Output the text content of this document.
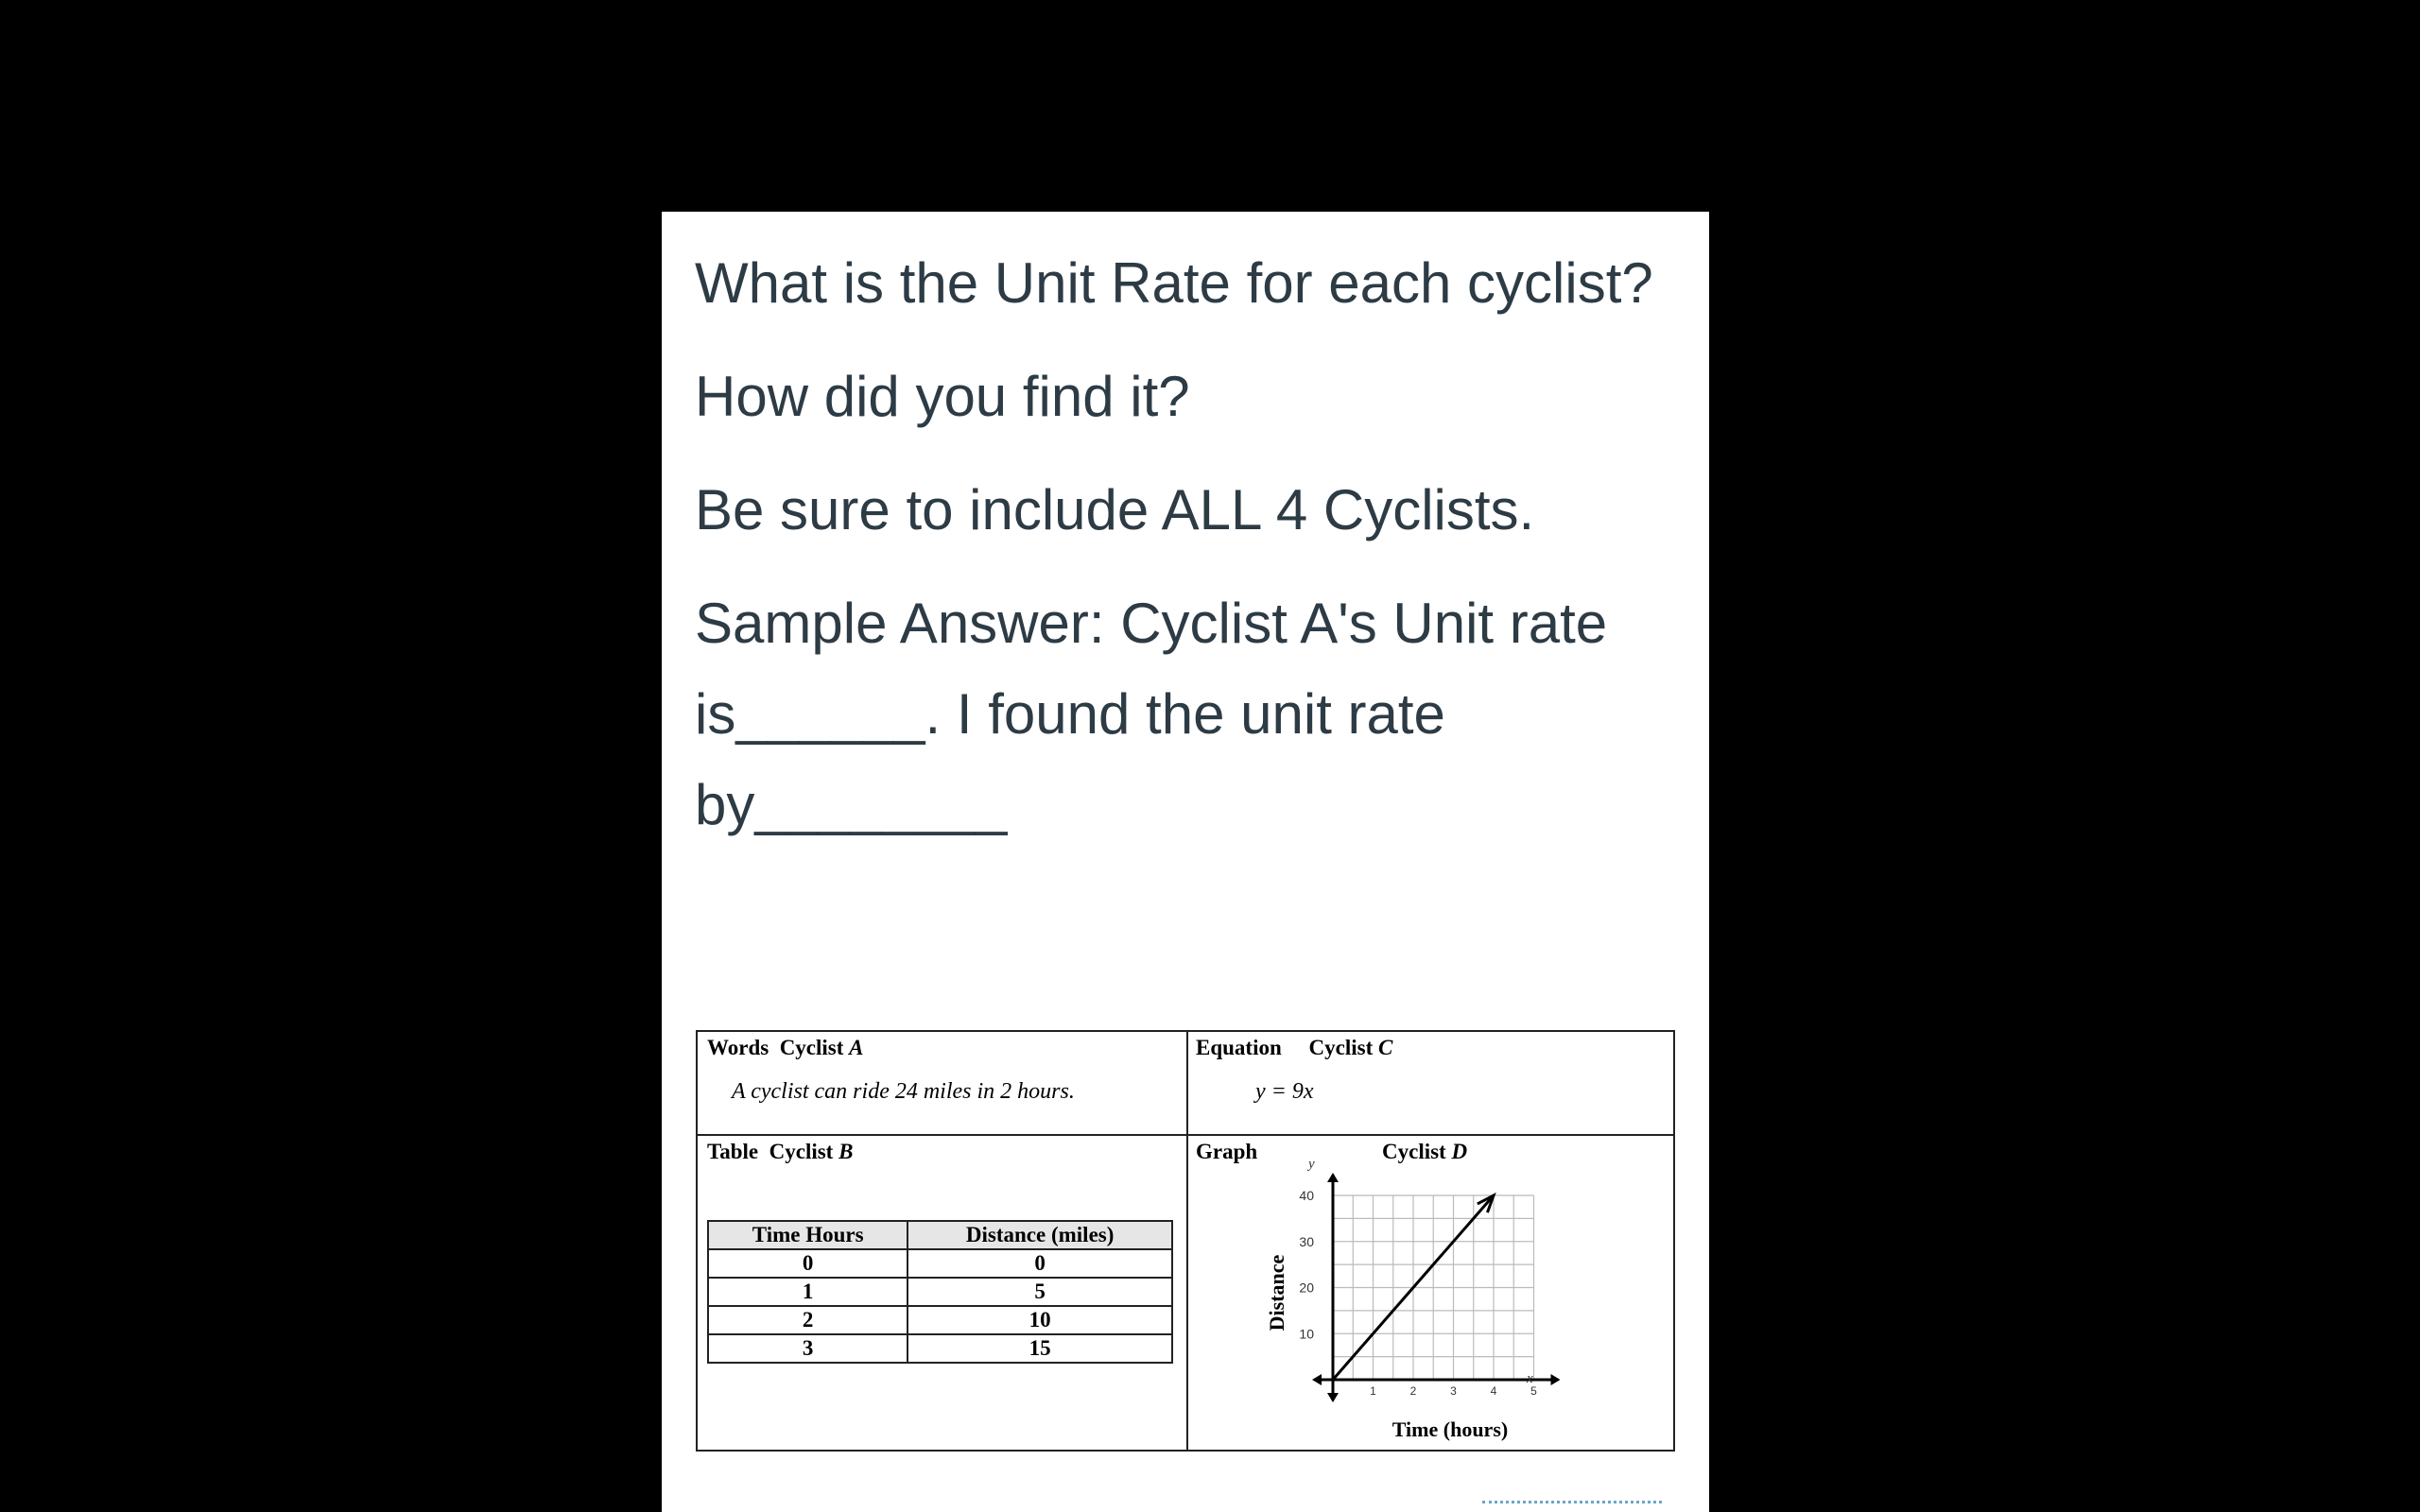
What is the Unit Rate for each cyclist?

How did you find it?

Be sure to include ALL 4 Cyclists.

Sample Answer: Cyclist A's Unit rate is______. I found the unit rate by________

Words Cyclist A
A cyclist can ride 24 miles in 2 hours.
Equation Cyclist C
y = 9x
Table Cyclist B
Time Hours	Distance (miles)
0	0
1	5
2	10
3	15
Graph	Cyclist D
10
20
30
40
1	2	3	4	5
y
x
Distance
Time (hours)
